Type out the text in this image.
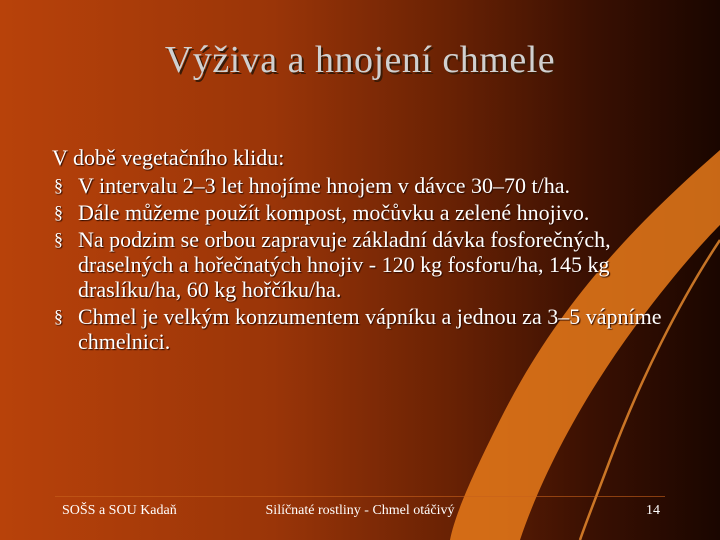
Výživa a hnojení chmele

V době vegetačního klidu:

§ V intervalu 2–3 let hnojíme hnojem v dávce 30–70 t/ha.
§ Dále můžeme použít kompost, močůvku a zelené hnojivo.
§ Na podzim se orbou zapravuje základní dávka fosforečných, draselných a hořečnatých hnojiv - 120 kg fosforu/ha, 145 kg draslíku/ha, 60 kg hořčíku/ha.
§ Chmel je velkým konzumentem vápníku a jednou za 3–5 vápníme chmelnici.
SOŠS a SOU Kadaň	Silíčnaté rostliny - Chmel otáčivý	14
